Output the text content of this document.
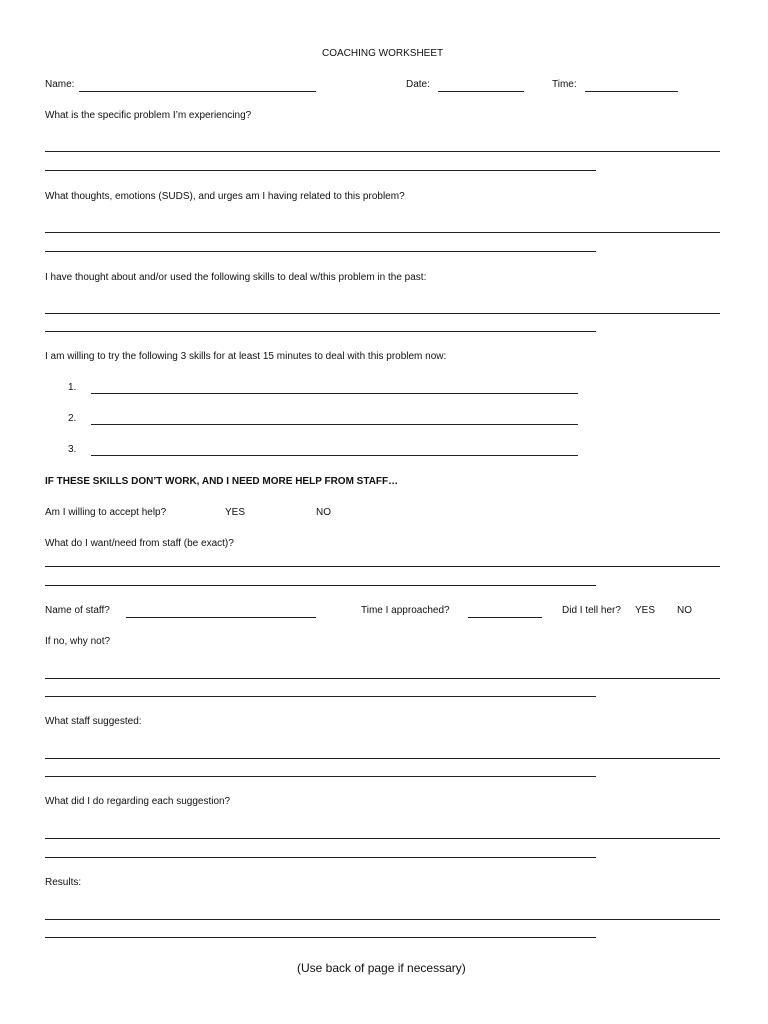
COACHING WORKSHEET
Name:	Date:	Time:
What is the specific problem I’m experiencing?
What thoughts, emotions (SUDS), and urges am I having related to this problem?
I have thought about and/or used the following skills to deal w/this problem in the past:
I am willing to try the following 3 skills for at least 15 minutes to deal with this problem now:
1.
2.
3.
IF THESE SKILLS DON’T WORK, AND I NEED MORE HELP FROM STAFF…
Am I willing to accept help?	YES	NO
What do I want/need from staff (be exact)?
Name of staff?	Time I approached?	Did I tell her? YES NO
If no, why not?
What staff suggested:
What did I do regarding each suggestion?
Results:
(Use back of page if necessary)
